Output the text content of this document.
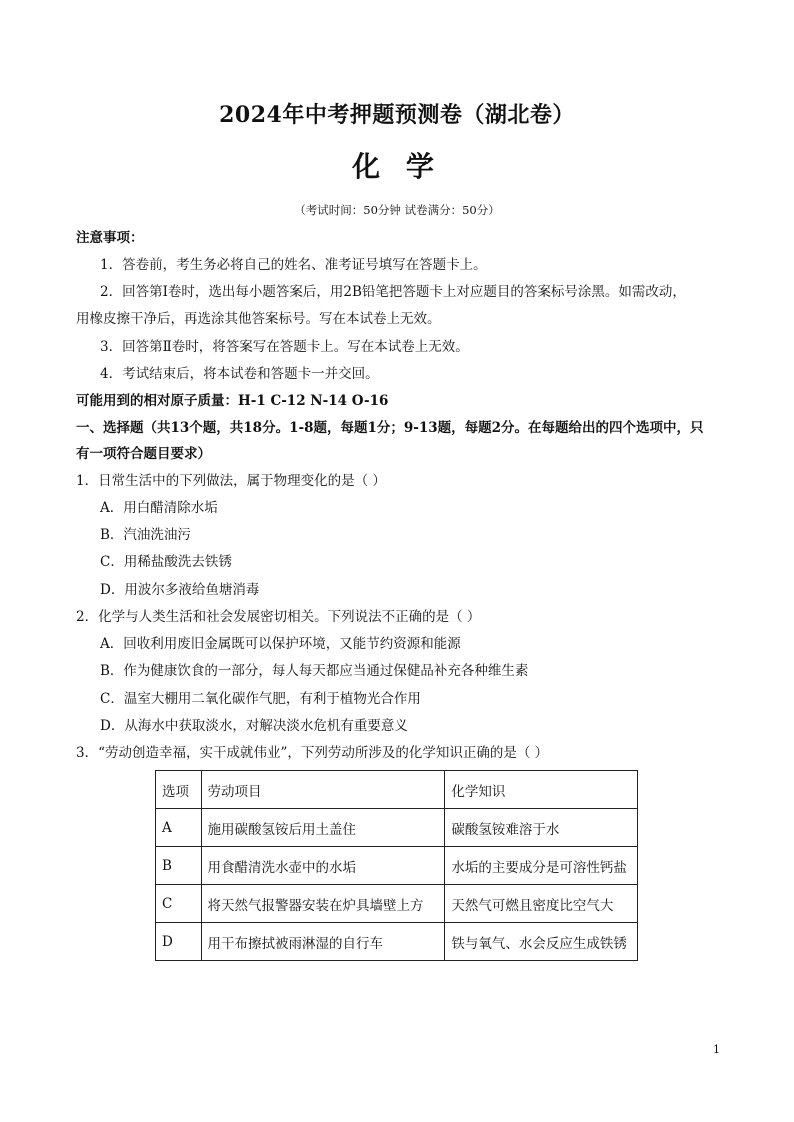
2024年中考押题预测卷（湖北卷）
化 学
（考试时间：50分钟 试卷满分：50分）
注意事项：
1．答卷前，考生务必将自己的姓名、准考证号填写在答题卡上。
2．回答第Ⅰ卷时，选出每小题答案后，用2B铅笔把答题卡上对应题目的答案标号涂黑。如需改动，
用橡皮擦干净后，再选涂其他答案标号。写在本试卷上无效。
3．回答第Ⅱ卷时，将答案写在答题卡上。写在本试卷上无效。
4．考试结束后，将本试卷和答题卡一并交回。
可能用到的相对原子质量：H-1 C-12 N-14 O-16
一、选择题（共13个题，共18分。1-8题，每题1分；9-13题，每题2分。在每题给出的四个选项中，只
有一项符合题目要求）
1．日常生活中的下列做法，属于物理变化的是（ ）
A．用白醋清除水垢
B．汽油洗油污
C．用稀盐酸洗去铁锈
D．用波尔多液给鱼塘消毒
2．化学与人类生活和社会发展密切相关。下列说法不正确的是（ ）
A．回收利用废旧金属既可以保护环境，又能节约资源和能源
B．作为健康饮食的一部分，每人每天都应当通过保健品补充各种维生素
C．温室大棚用二氧化碳作气肥，有利于植物光合作用
D．从海水中获取淡水，对解决淡水危机有重要意义
3．“劳动创造幸福，实干成就伟业”，下列劳动所涉及的化学知识正确的是（ ）
选项	劳动项目	化学知识
A	施用碳酸氢铵后用土盖住	碳酸氢铵难溶于水
B	用食醋清洗水壶中的水垢	水垢的主要成分是可溶性钙盐
C	将天然气报警器安装在炉具墙壁上方	天然气可燃且密度比空气大
D	用干布擦拭被雨淋湿的自行车	铁与氧气、水会反应生成铁锈
1
